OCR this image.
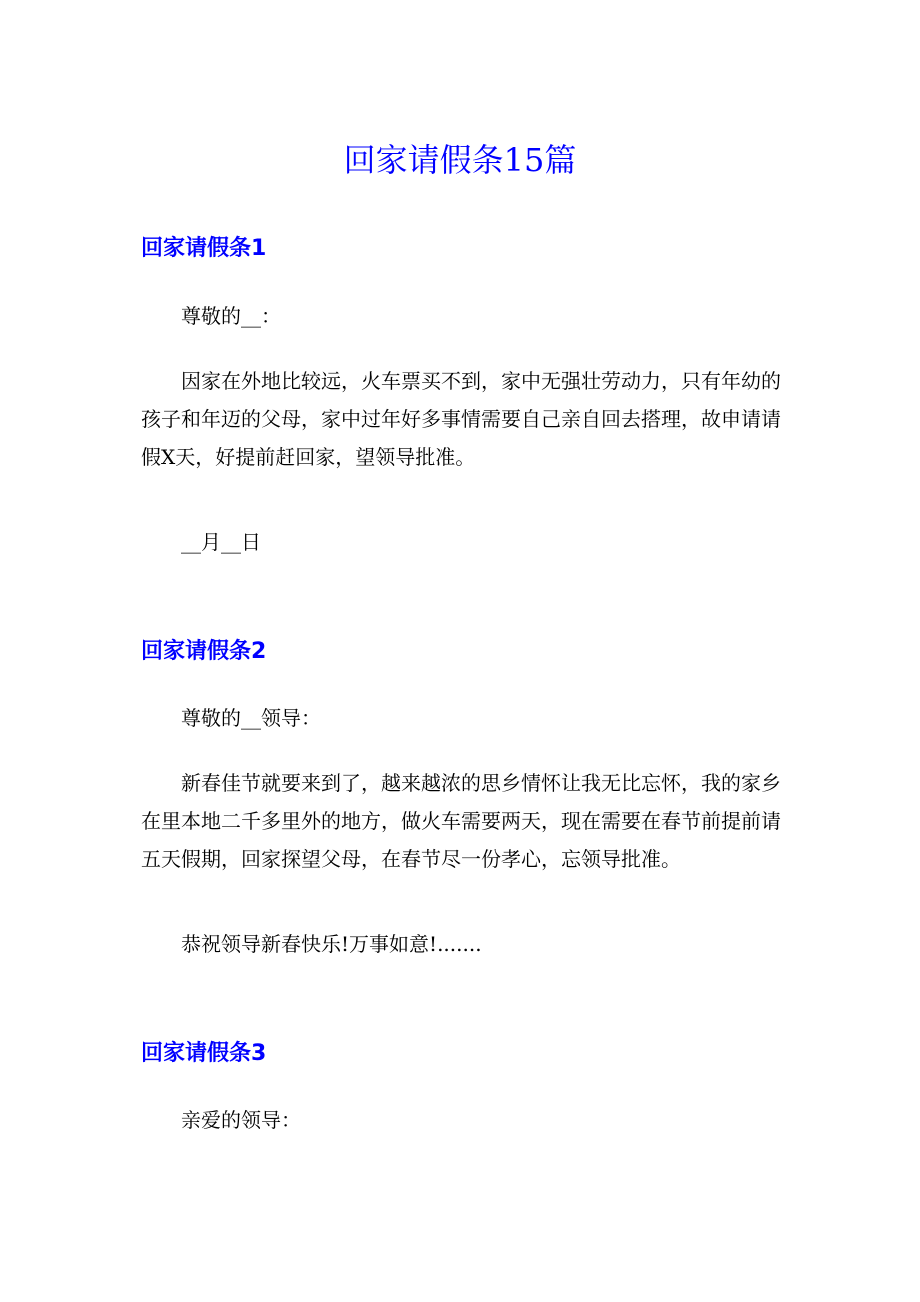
回家请假条15篇
回家请假条1

尊敬的__：

因家在外地比较远，火车票买不到，家中无强壮劳动力，只有年幼的孩子和年迈的父母，家中过年好多事情需要自己亲自回去搭理，故申请请假X天，好提前赶回家，望领导批准。

__月__日

回家请假条2

尊敬的__领导：

新春佳节就要来到了，越来越浓的思乡情怀让我无比忘怀，我的家乡在里本地二千多里外的地方，做火车需要两天，现在需要在春节前提前请五天假期，回家探望父母，在春节尽一份孝心，忘领导批准。

恭祝领导新春快乐!万事如意!.......

回家请假条3

亲爱的领导：
